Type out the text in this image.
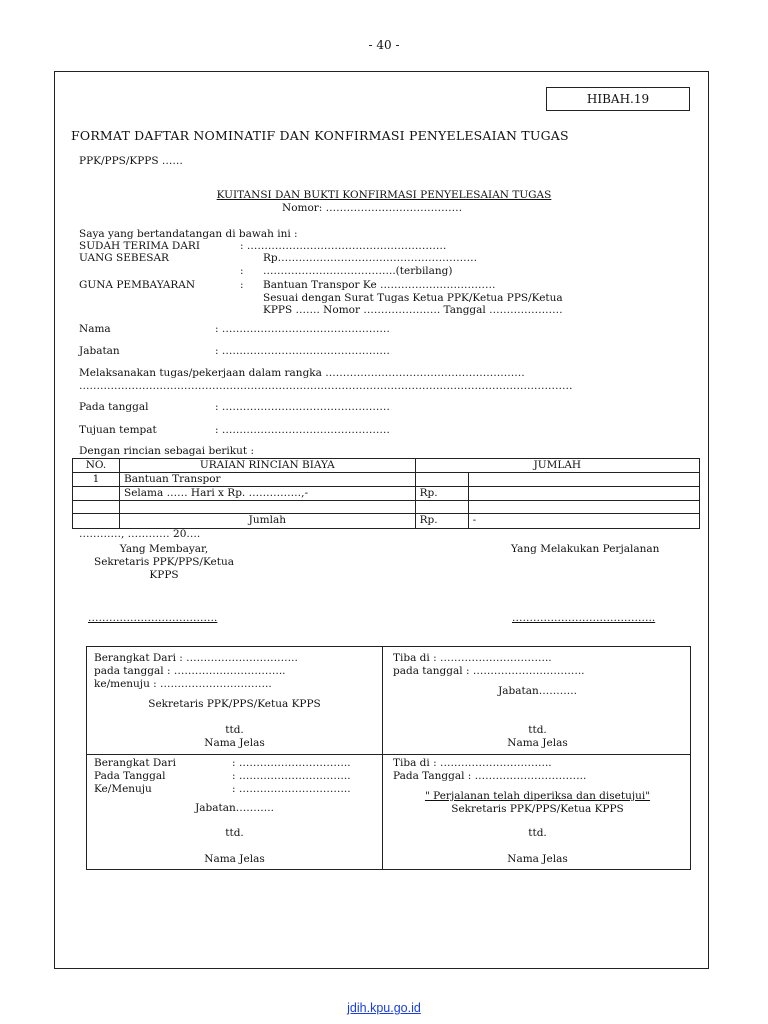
- 40 -
HIBAH.19
FORMAT DAFTAR NOMINATIF DAN KONFIRMASI PENYELESAIAN TUGAS
PPK/PPS/KPPS ……
KUITANSI DAN BUKTI KONFIRMASI PENYELESAIAN TUGAS
Nomor: …………………………………
Saya yang bertandatangan di bawah ini :
SUDAH TERIMA DARI	: …………………………………………………
UANG SEBESAR	Rp…………………………………………………
: ………………………………..(terbilang)
GUNA PEMBAYARAN	: Bantuan Transpor Ke ……………………………
Sesuai dengan Surat Tugas Ketua PPK/Ketua PPS/Ketua
KPPS ……. Nomor …………………. Tanggal …………………
Nama	: …………………………………………
Jabatan	: …………………………………………
Melaksanakan tugas/pekerjaan dalam rangka …………………………………………………
……………………………………………………………………………………………………………………………
Pada tanggal	: …………………………………………
Tujuan tempat	: …………………………………………
Dengan rincian sebagai berikut :
NO.	URAIAN RINCIAN BIAYA	JUMLAH	
1	Bantuan Transpor		
	Selama …… Hari x Rp. ……………,-	Rp.	

	Jumlah	Rp.	-
…………, ………… 20….
Yang Membayar,
Sekretaris PPK/PPS/Ketua
KPPS
Yang Melakukan Perjalanan
……………………………….	…………………………………..
Berangkat Dari : …………………………..
pada tanggal : …………………………..
ke/menuju : …………………………..
Sekretaris PPK/PPS/Ketua KPPS
ttd.
Nama Jelas
Tiba di : …………………………..
pada tanggal : …………………………..
Jabatan………..
ttd.
Nama Jelas
Berangkat Dari	: …………………………..
Pada Tanggal	: …………………………..
Ke/Menuju	: …………………………..
Jabatan………..
ttd.
Nama Jelas
Tiba di : …………………………..
Pada Tanggal : …………………………..
" Perjalanan telah diperiksa dan disetujui"
Sekretaris PPK/PPS/Ketua KPPS
ttd.
Nama Jelas
jdih.kpu.go.id
